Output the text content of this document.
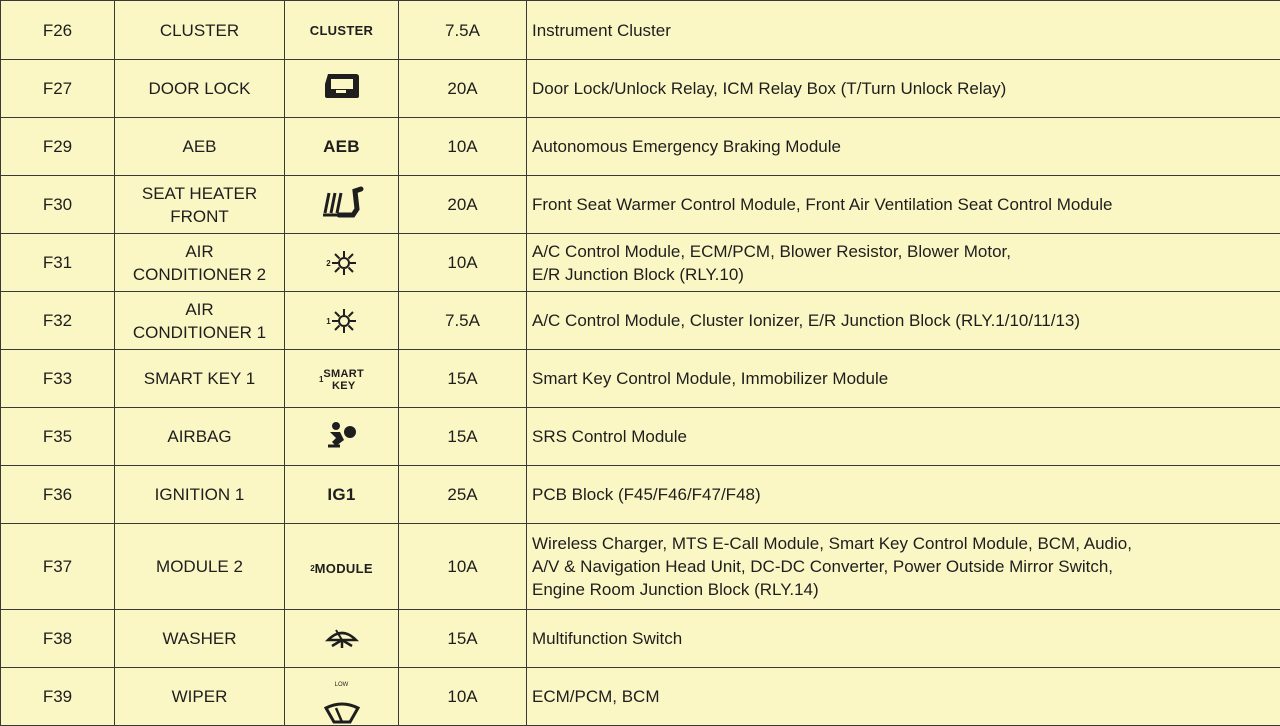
F26	CLUSTER	CLUSTER	7.5A	Instrument Cluster

F27	DOOR LOCK		20A	Door Lock/Unlock Relay, ICM Relay Box (T/Turn Unlock Relay)

F29	AEB	AEB	10A	Autonomous Emergency Braking Module

F30	SEAT HEATER
FRONT		20A	Front Seat Warmer Control Module, Front Air Ventilation Seat Control Module

F31	AIR
CONDITIONER 2	2	10A	A/C Control Module, ECM/PCM, Blower Resistor, Blower Motor,
E/R Junction Block (RLY.10)

F32	AIR
CONDITIONER 1	1	7.5A	A/C Control Module, Cluster Ionizer, E/R Junction Block (RLY.1/10/11/13)

F33	SMART KEY 1	1 SMART
KEY	15A	Smart Key Control Module, Immobilizer Module

F35	AIRBAG		15A	SRS Control Module

F36	IGNITION 1	IG1	25A	PCB Block (F45/F46/F47/F48)

F37	MODULE 2	2 MODULE	10A	Wireless Charger, MTS E-Call Module, Smart Key Control Module, BCM, Audio,
A/V & Navigation Head Unit, DC-DC Converter, Power Outside Mirror Switch,
Engine Room Junction Block (RLY.14)

F38	WASHER		15A	Multifunction Switch

F39	WIPER	LOW	10A	ECM/PCM, BCM
